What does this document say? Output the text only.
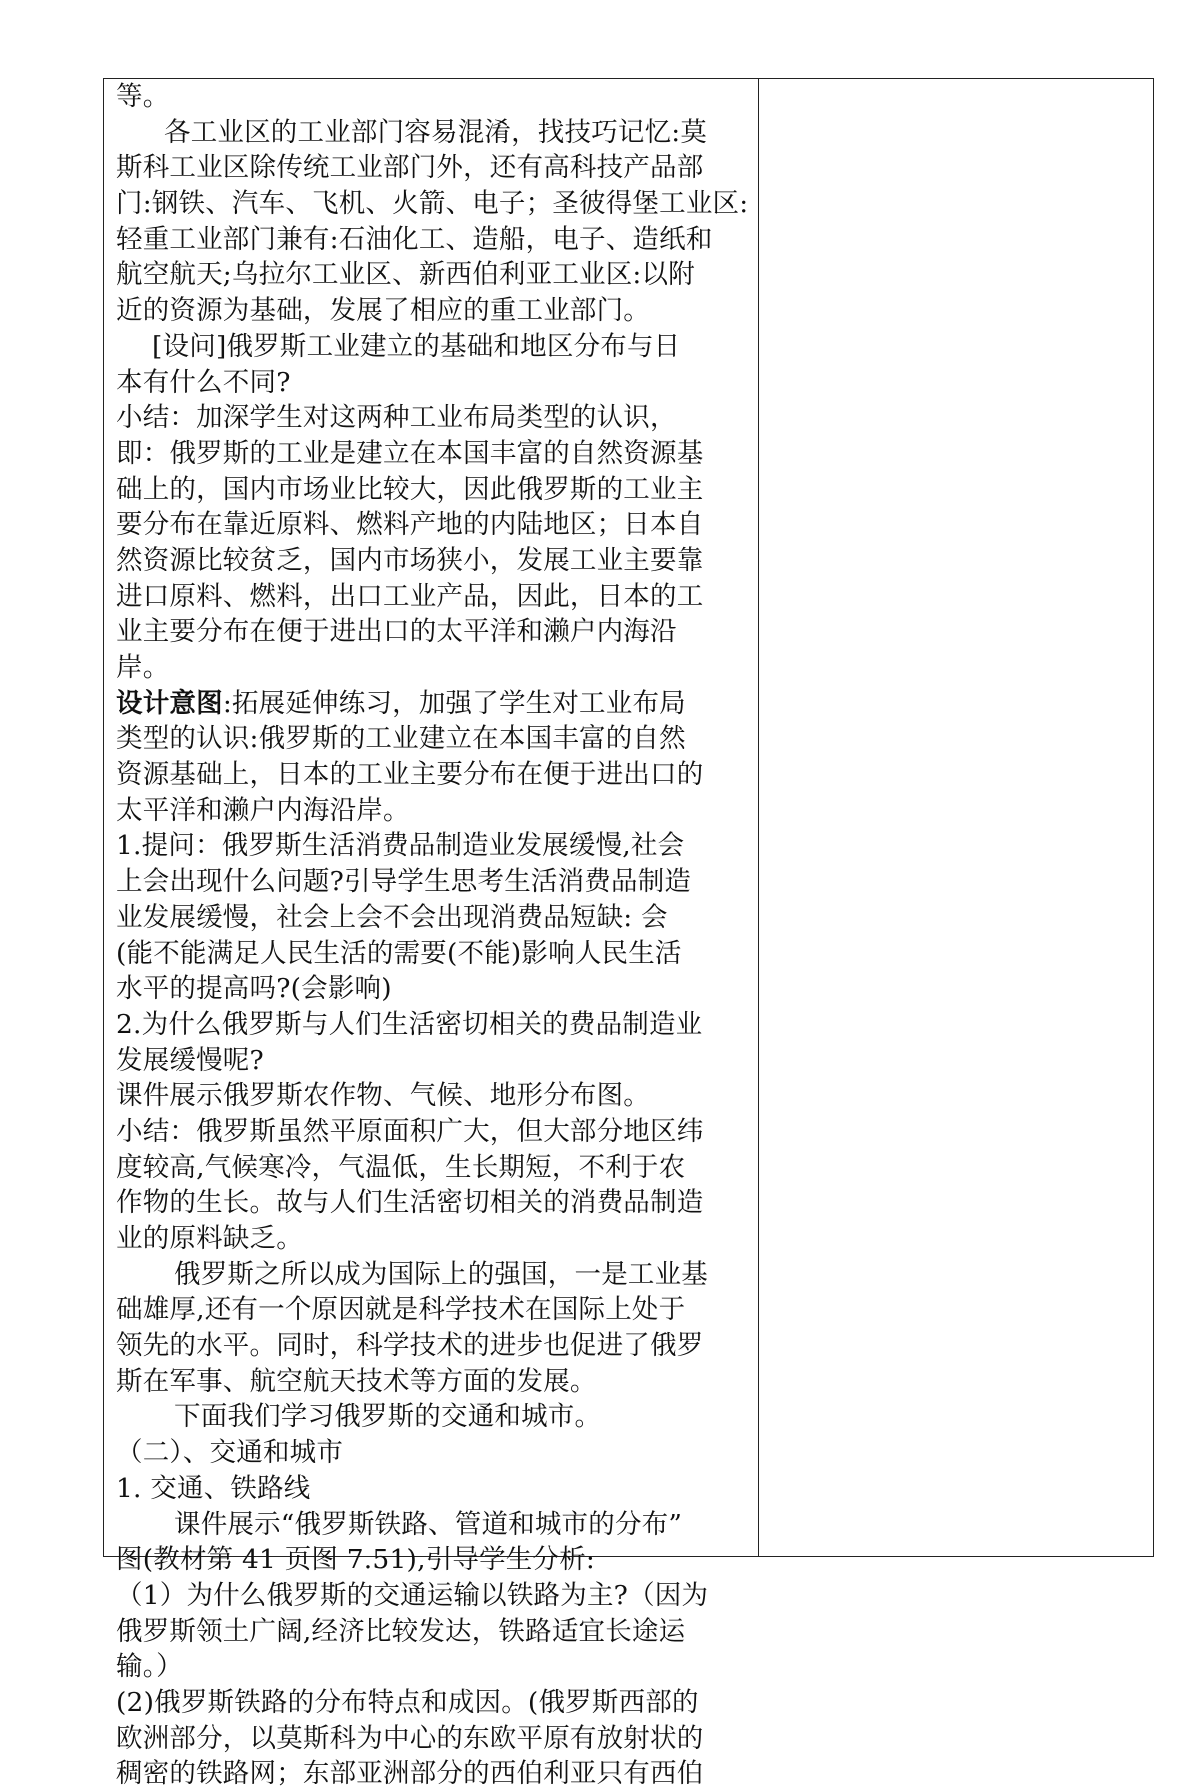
等。
各工业区的工业部门容易混淆，找技巧记忆:莫
斯科工业区除传统工业部门外，还有高科技产品部
门:钢铁、汽车、飞机、火箭、电子；圣彼得堡工业区:
轻重工业部门兼有:石油化工、造船，电子、造纸和
航空航天;乌拉尔工业区、新西伯利亚工业区:以附
近的资源为基础，发展了相应的重工业部门。
[设问]俄罗斯工业建立的基础和地区分布与日
本有什么不同?
小结：加深学生对这两种工业布局类型的认识，
即：俄罗斯的工业是建立在本国丰富的自然资源基
础上的，国内市场业比较大，因此俄罗斯的工业主
要分布在靠近原料、燃料产地的内陆地区；日本自
然资源比较贫乏，国内市场狭小，发展工业主要靠
进口原料、燃料，出口工业产品，因此，日本的工
业主要分布在便于进出口的太平洋和濑户内海沿
岸。
设计意图:拓展延伸练习，加强了学生对工业布局
类型的认识:俄罗斯的工业建立在本国丰富的自然
资源基础上，日本的工业主要分布在便于进出口的
太平洋和濑户内海沿岸。
1.提问：俄罗斯生活消费品制造业发展缓慢,社会
上会出现什么问题?引导学生思考生活消费品制造
业发展缓慢，社会上会不会出现消费品短缺: 会
(能不能满足人民生活的需要(不能)影响人民生活
水平的提高吗?(会影响)
2.为什么俄罗斯与人们生活密切相关的费品制造业
发展缓慢呢?
课件展示俄罗斯农作物、气候、地形分布图。
小结：俄罗斯虽然平原面积广大，但大部分地区纬
度较高,气候寒冷，气温低，生长期短，不利于农
作物的生长。故与人们生活密切相关的消费品制造
业的原料缺乏。
俄罗斯之所以成为国际上的强国，一是工业基
础雄厚,还有一个原因就是科学技术在国际上处于
领先的水平。同时，科学技术的进步也促进了俄罗
斯在军事、航空航天技术等方面的发展。
下面我们学习俄罗斯的交通和城市。
（二）、交通和城市
1. 交通、铁路线
课件展示“俄罗斯铁路、管道和城市的分布”
图(教材第 41 页图 7.51),引导学生分析:
（1）为什么俄罗斯的交通运输以铁路为主?（因为
俄罗斯领土广阔,经济比较发达，铁路适宜长途运
输。）
(2)俄罗斯铁路的分布特点和成因。(俄罗斯西部的
欧洲部分，以莫斯科为中心的东欧平原有放射状的
稠密的铁路网；东部亚洲部分的西伯利亚只有西伯
